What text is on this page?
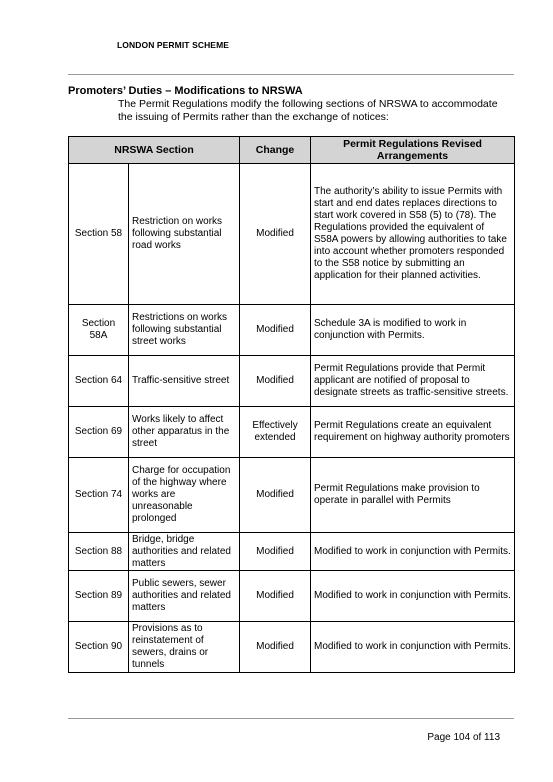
LONDON PERMIT SCHEME
Promoters’ Duties – Modifications to NRSWA
The Permit Regulations modify the following sections of NRSWA to accommodate the issuing of Permits rather than the exchange of notices:
NRSWA Section		Change	Permit Regulations Revised Arrangements
Section 58	Restriction on works following substantial road works	Modified	The authority’s ability to issue Permits with start and end dates replaces directions to start work covered in S58 (5) to (78). The Regulations provided the equivalent of S58A powers by allowing authorities to take into account whether promoters responded to the S58 notice by submitting an application for their planned activities.
Section 58A	Restrictions on works following substantial street works	Modified	Schedule 3A is modified to work in conjunction with Permits.
Section 64	Traffic-sensitive street	Modified	Permit Regulations provide that Permit applicant are notified of proposal to designate streets as traffic-sensitive streets.
Section 69	Works likely to affect other apparatus in the street	Effectively extended	Permit Regulations create an equivalent requirement on highway authority promoters
Section 74	Charge for occupation of the highway where works are unreasonable prolonged	Modified	Permit Regulations make provision to operate in parallel with Permits
Section 88	Bridge, bridge authorities and related matters	Modified	Modified to work in conjunction with Permits.
Section 89	Public sewers, sewer authorities and related matters	Modified	Modified to work in conjunction with Permits.
Section 90	Provisions as to reinstatement of sewers, drains or tunnels	Modified	Modified to work in conjunction with Permits.
Page 104 of 113
